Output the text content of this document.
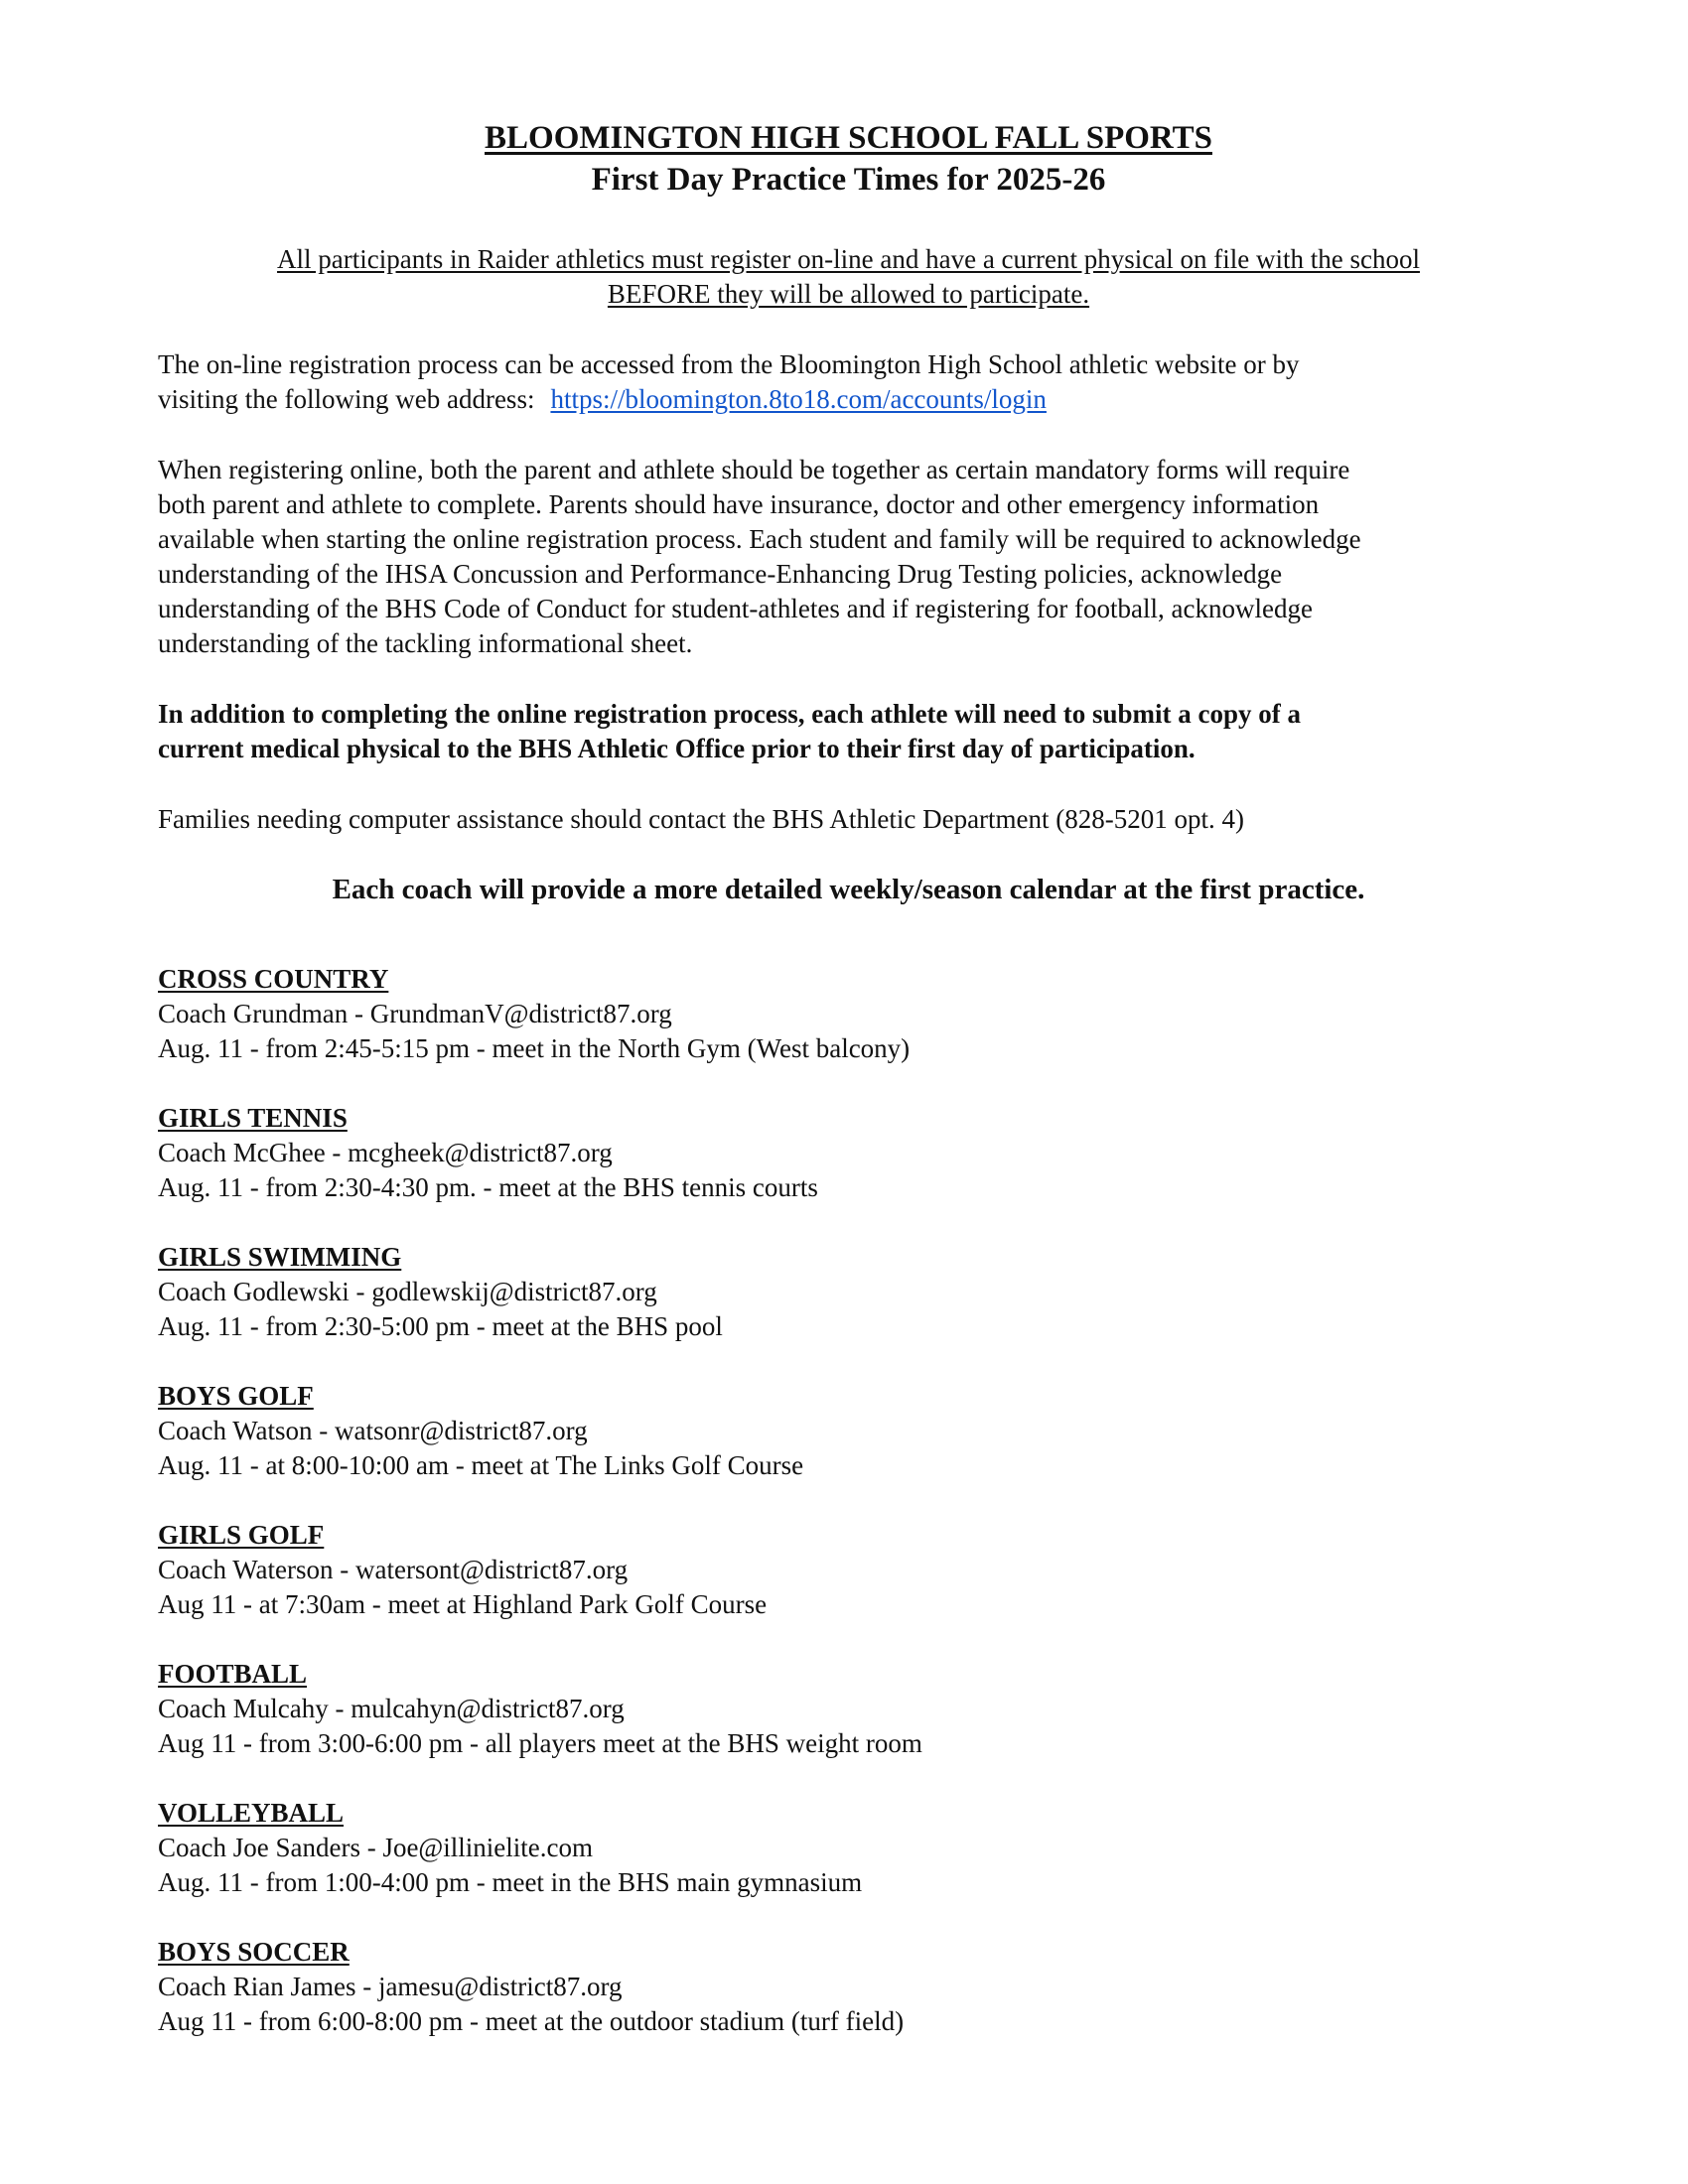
BLOOMINGTON HIGH SCHOOL FALL SPORTS
First Day Practice Times for 2025-26
All participants in Raider athletics must register on-line and have a current physical on file with the school
BEFORE they will be allowed to participate.
The on-line registration process can be accessed from the Bloomington High School athletic website or by
visiting the following web address: https://bloomington.8to18.com/accounts/login
When registering online, both the parent and athlete should be together as certain mandatory forms will require
both parent and athlete to complete. Parents should have insurance, doctor and other emergency information
available when starting the online registration process. Each student and family will be required to acknowledge
understanding of the IHSA Concussion and Performance-Enhancing Drug Testing policies, acknowledge
understanding of the BHS Code of Conduct for student-athletes and if registering for football, acknowledge
understanding of the tackling informational sheet.
In addition to completing the online registration process, each athlete will need to submit a copy of a
current medical physical to the BHS Athletic Office prior to their first day of participation.
Families needing computer assistance should contact the BHS Athletic Department (828-5201 opt. 4)
Each coach will provide a more detailed weekly/season calendar at the first practice.
CROSS COUNTRY
Coach Grundman - GrundmanV@district87.org
Aug. 11 - from 2:45-5:15 pm - meet in the North Gym (West balcony)
GIRLS TENNIS
Coach McGhee - mcgheek@district87.org
Aug. 11 - from 2:30-4:30 pm. - meet at the BHS tennis courts
GIRLS SWIMMING
Coach Godlewski - godlewskij@district87.org
Aug. 11 - from 2:30-5:00 pm - meet at the BHS pool
BOYS GOLF
Coach Watson - watsonr@district87.org
Aug. 11 - at 8:00-10:00 am - meet at The Links Golf Course
GIRLS GOLF
Coach Waterson - watersont@district87.org
Aug 11 - at 7:30am - meet at Highland Park Golf Course
FOOTBALL
Coach Mulcahy - mulcahyn@district87.org
Aug 11 - from 3:00-6:00 pm - all players meet at the BHS weight room
VOLLEYBALL
Coach Joe Sanders - Joe@illinielite.com
Aug. 11 - from 1:00-4:00 pm - meet in the BHS main gymnasium
BOYS SOCCER
Coach Rian James - jamesu@district87.org
Aug 11 - from 6:00-8:00 pm - meet at the outdoor stadium (turf field)
